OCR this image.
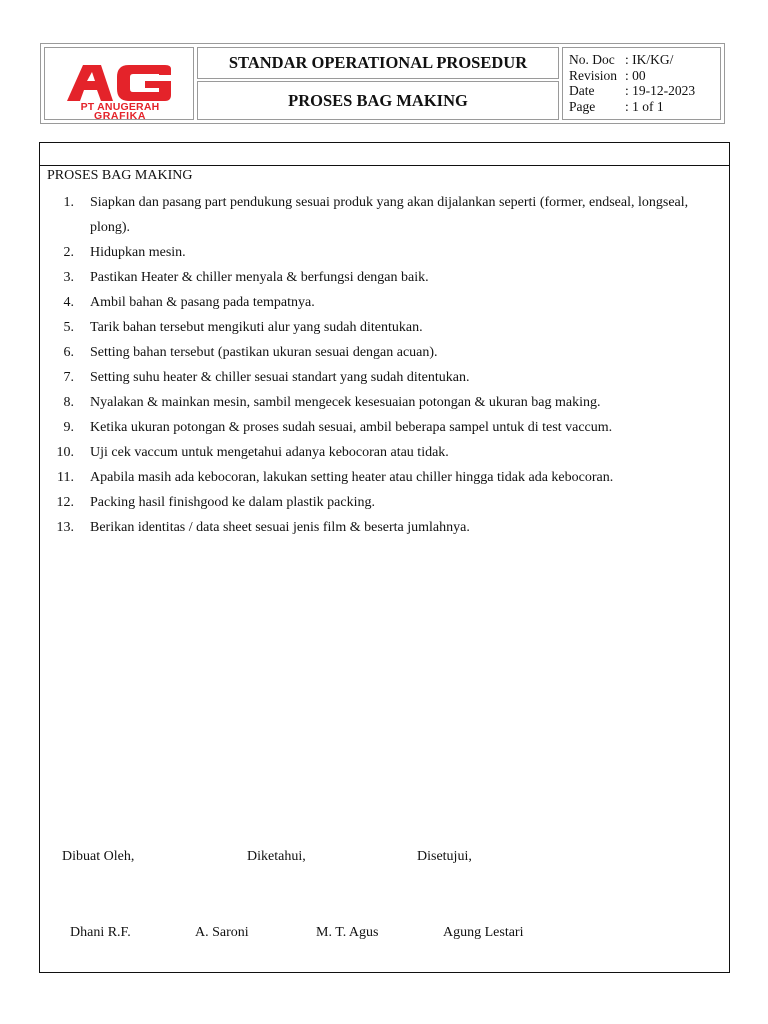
PT ANUGERAH
GRAFIKA
STANDAR OPERATIONAL PROSEDUR
PROSES BAG MAKING
No. Doc : IK/KG/
Revision : 00
Date	: 19-12-2023
Page	: 1 of 1
PROSES BAG MAKING
1. Siapkan dan pasang part pendukung sesuai produk yang akan dijalankan seperti (former, endseal, longseal, plong).
2. Hidupkan mesin.
3. Pastikan Heater & chiller menyala & berfungsi dengan baik.
4. Ambil bahan & pasang pada tempatnya.
5. Tarik bahan tersebut mengikuti alur yang sudah ditentukan.
6. Setting bahan tersebut (pastikan ukuran sesuai dengan acuan).
7. Setting suhu heater & chiller sesuai standart yang sudah ditentukan.
8. Nyalakan & mainkan mesin, sambil mengecek kesesuaian potongan & ukuran bag making.
9. Ketika ukuran potongan & proses sudah sesuai, ambil beberapa sampel untuk di test vaccum.
10. Uji cek vaccum untuk mengetahui adanya kebocoran atau tidak.
11. Apabila masih ada kebocoran, lakukan setting heater atau chiller hingga tidak ada kebocoran.
12. Packing hasil finishgood ke dalam plastik packing.
13. Berikan identitas / data sheet sesuai jenis film & beserta jumlahnya.
Dibuat Oleh,	Diketahui,	Disetujui,
Dhani R.F.	A. Saroni	M. T. Agus	Agung Lestari
